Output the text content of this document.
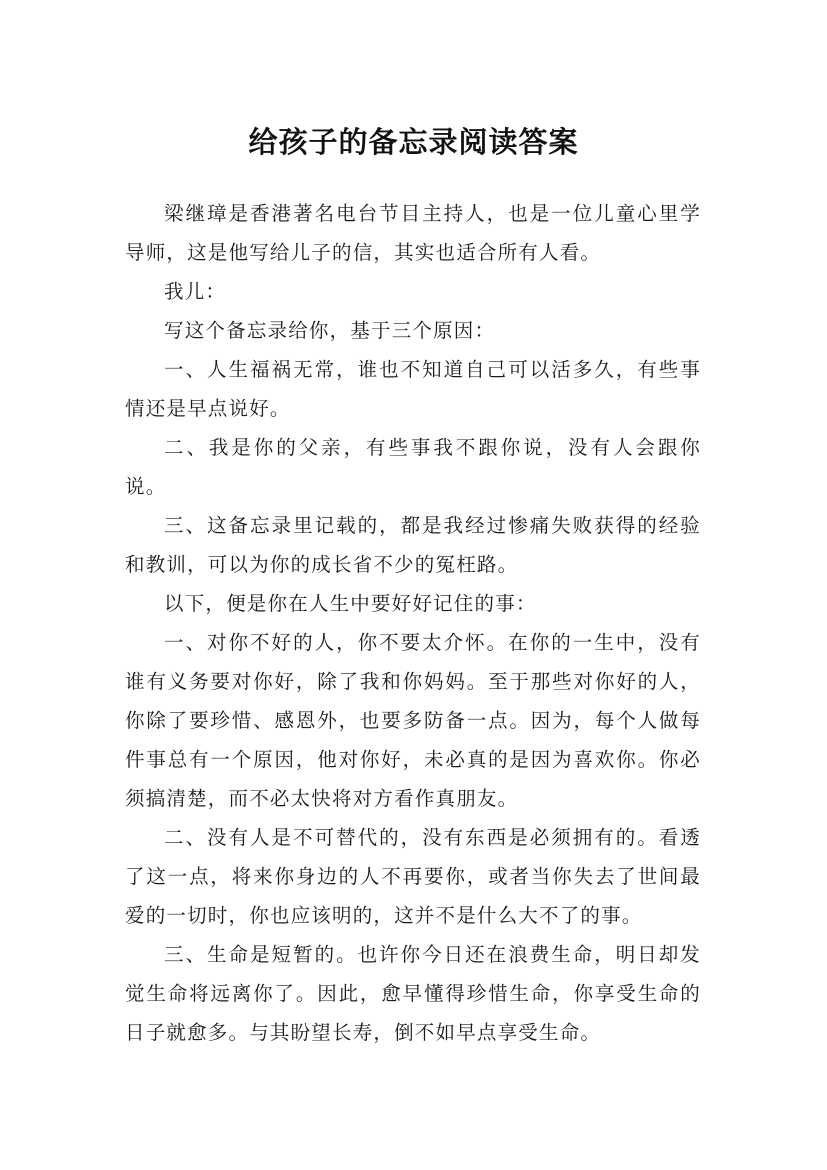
给孩子的备忘录阅读答案

梁继璋是香港著名电台节目主持人，也是一位儿童心里学导师，这是他写给儿子的信，其实也适合所有人看。

我儿：

写这个备忘录给你，基于三个原因：

一、人生福祸无常，谁也不知道自己可以活多久，有些事情还是早点说好。

二、我是你的父亲，有些事我不跟你说，没有人会跟你说。

三、这备忘录里记载的，都是我经过惨痛失败获得的经验和教训，可以为你的成长省不少的冤枉路。

以下，便是你在人生中要好好记住的事：

一、对你不好的人，你不要太介怀。在你的一生中，没有谁有义务要对你好，除了我和你妈妈。至于那些对你好的人，你除了要珍惜、感恩外，也要多防备一点。因为，每个人做每件事总有一个原因，他对你好，未必真的是因为喜欢你。你必须搞清楚，而不必太快将对方看作真朋友。

二、没有人是不可替代的，没有东西是必须拥有的。看透了这一点，将来你身边的人不再要你，或者当你失去了世间最爱的一切时，你也应该明的，这并不是什么大不了的事。

三、生命是短暂的。也许你今日还在浪费生命，明日却发觉生命将远离你了。因此，愈早懂得珍惜生命，你享受生命的日子就愈多。与其盼望长寿，倒不如早点享受生命。
